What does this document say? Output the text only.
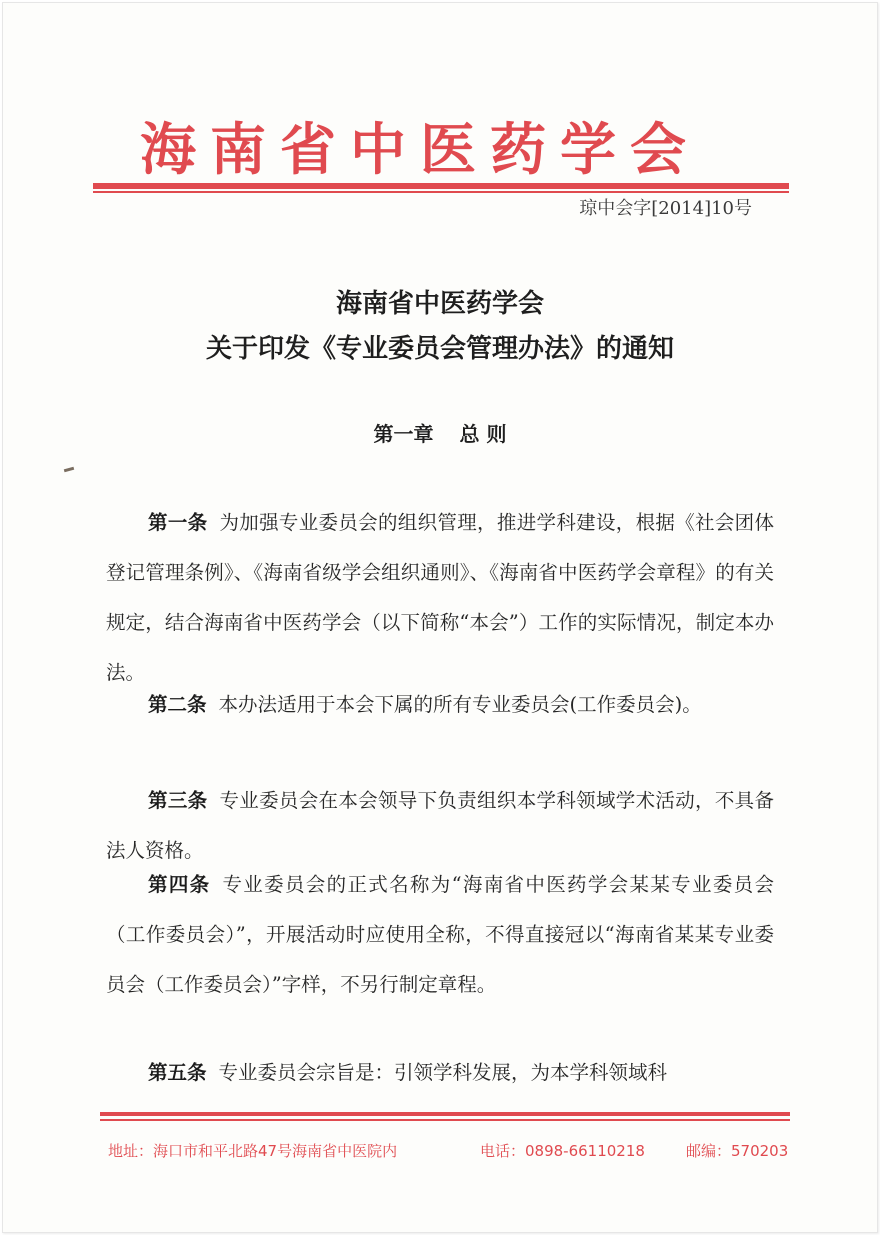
海南省中医药学会
琼中会字[2014]10号
海南省中医药学会
关于印发《专业委员会管理办法》的通知
第一章 总 则
第一条 为加强专业委员会的组织管理，推进学科建设，根据《社会团体登记管理条例》、《海南省级学会组织通则》、《海南省中医药学会章程》的有关规定，结合海南省中医药学会（以下简称“本会”）工作的实际情况，制定本办法。
第二条 本办法适用于本会下属的所有专业委员会(工作委员会)。
第三条 专业委员会在本会领导下负责组织本学科领域学术活动，不具备法人资格。
第四条 专业委员会的正式名称为“海南省中医药学会某某专业委员会（工作委员会）”，开展活动时应使用全称，不得直接冠以“海南省某某专业委员会（工作委员会）”字样，不另行制定章程。
第五条 专业委员会宗旨是：引领学科发展，为本学科领域科
地址：海口市和平北路47号海南省中医院内	电话：0898-66110218	邮编：570203
